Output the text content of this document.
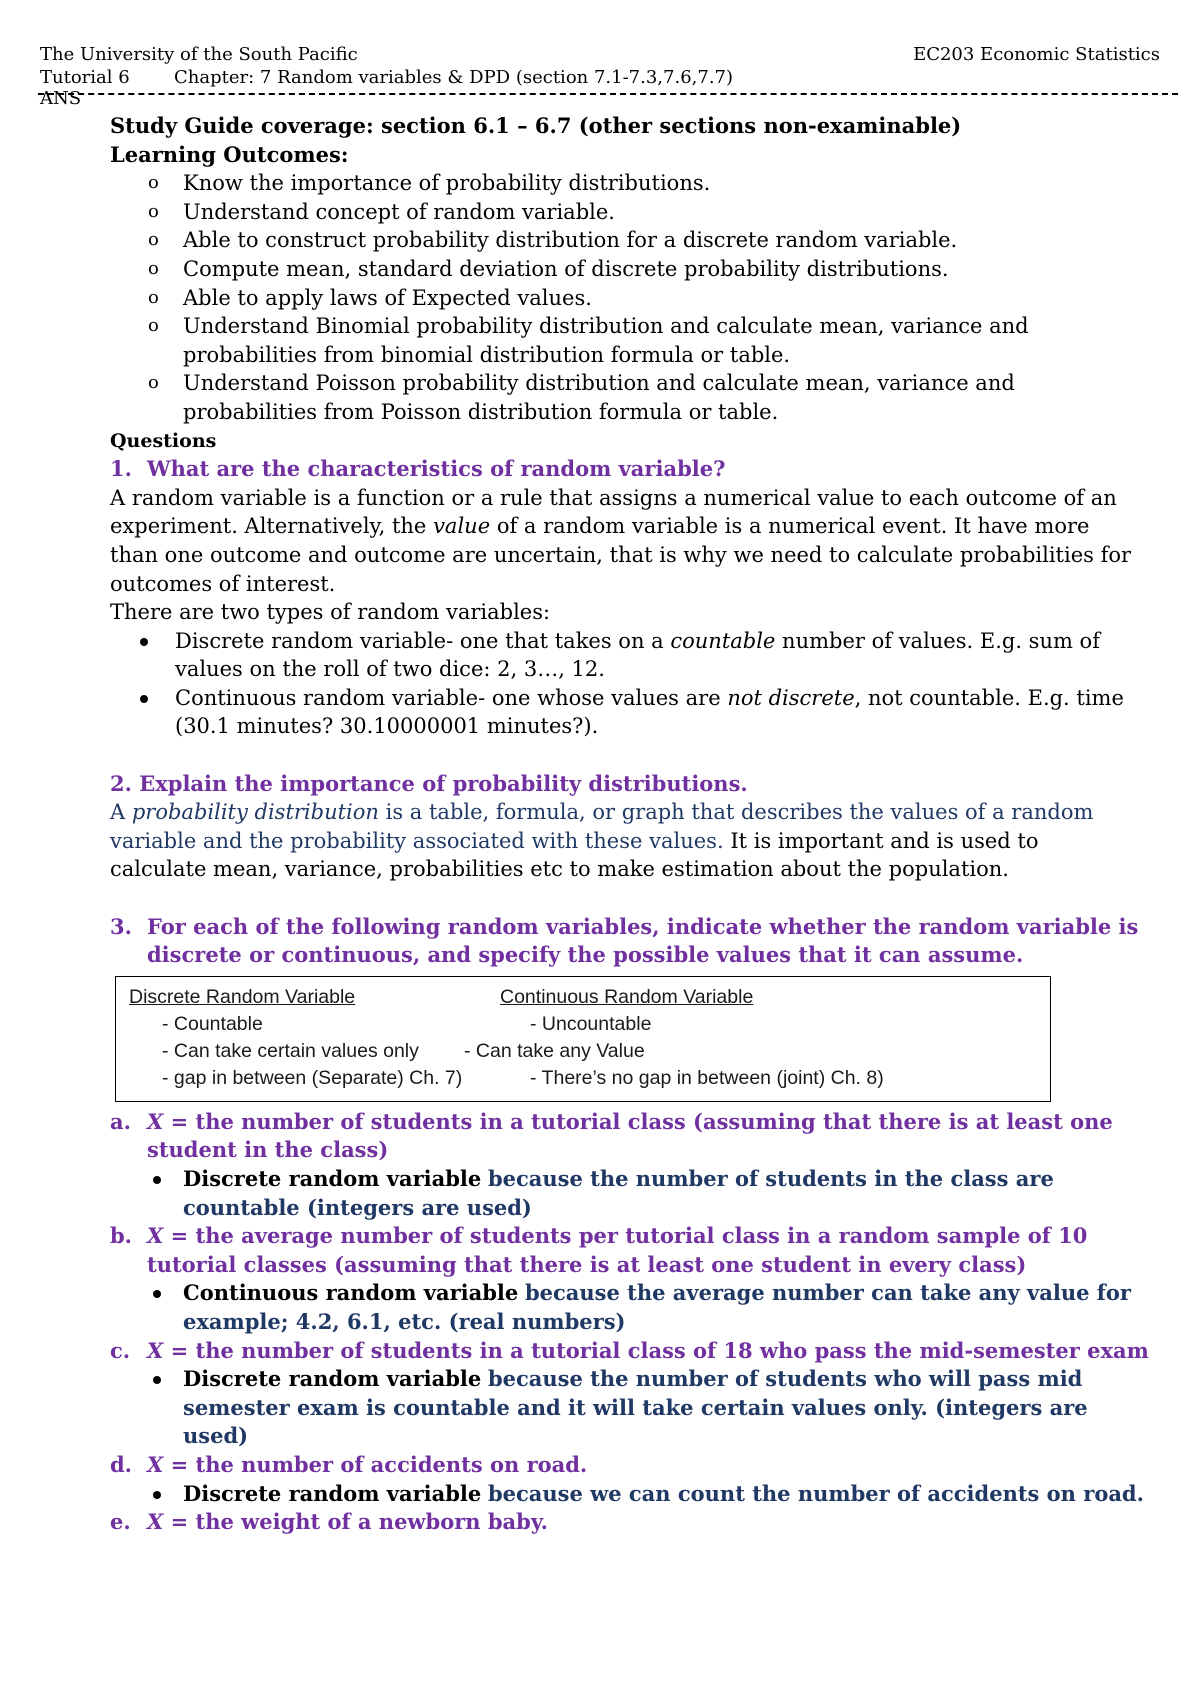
The University of the South Pacific	EC203 Economic Statistics
Tutorial 6 ANS
Chapter: 7 Random variables & DPD (section 7.1-7.3,7.6,7.7)
Study Guide coverage: section 6.1 – 6.7 (other sections non-examinable)
Learning Outcomes:
o Know the importance of probability distributions.
o Understand concept of random variable.
o Able to construct probability distribution for a discrete random variable.
o Compute mean, standard deviation of discrete probability distributions.
o Able to apply laws of Expected values.
o Understand Binomial probability distribution and calculate mean, variance and
probabilities from binomial distribution formula or table.
o Understand Poisson probability distribution and calculate mean, variance and
probabilities from Poisson distribution formula or table.
Questions
1. What are the characteristics of random variable?
A random variable is a function or a rule that assigns a numerical value to each outcome of an
experiment. Alternatively, the value of a random variable is a numerical event. It have more
than one outcome and outcome are uncertain, that is why we need to calculate probabilities for
outcomes of interest.
There are two types of random variables:
Discrete random variable- one that takes on a countable number of values. E.g. sum of
values on the roll of two dice: 2, 3…, 12.
Continuous random variable- one whose values are not discrete, not countable. E.g. time
(30.1 minutes? 30.10000001 minutes?).
2. Explain the importance of probability distributions.
A probability distribution is a table, formula, or graph that describes the values of a random
variable and the probability associated with these values. It is important and is used to
calculate mean, variance, probabilities etc to make estimation about the population.
3. For each of the following random variables, indicate whether the random variable is
discrete or continuous, and specify the possible values that it can assume.
Discrete Random Variable	Continuous Random Variable
- Countable	- Uncountable
- Can take certain values only - Can take any Value
- gap in between (Separate) Ch. 7)	- There’s no gap in between (joint) Ch. 8)
a. X = the number of students in a tutorial class (assuming that there is at least one
student in the class)
Discrete random variable because the number of students in the class are
countable (integers are used)
b. X = the average number of students per tutorial class in a random sample of 10
tutorial classes (assuming that there is at least one student in every class)
Continuous random variable because the average number can take any value for
example; 4.2, 6.1, etc. (real numbers)
c. X = the number of students in a tutorial class of 18 who pass the mid-semester exam
Discrete random variable because the number of students who will pass mid
semester exam is countable and it will take certain values only. (integers are
used)
d. X = the number of accidents on road.
Discrete random variable because we can count the number of accidents on road.
e. X = the weight of a newborn baby.
